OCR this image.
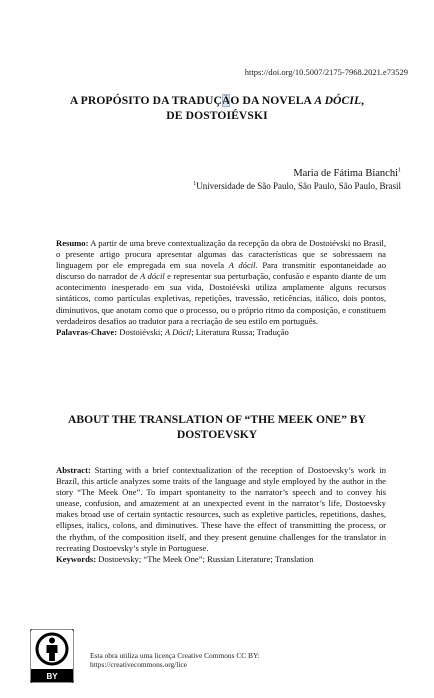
https://doi.org/10.5007/2175-7968.2021.e73529
A PROPÓSITO DA TRADUÇÃO DA NOVELA A DÓCIL,
DE DOSTOIÉVSKI
Maria de Fátima Bianchi$^1$
$^1$Universidade de São Paulo, São Paulo, São Paulo, Brasil
Resumo: A partir de uma breve contextualização da recepção da obra de Dostoiévski no Brasil, o presente artigo procura apresentar algumas das características que se sobressaem na linguagem por ele empregada em sua novela A dócil. Para transmitir espontaneidade ao discurso do narrador de A dócil e representar sua perturbação, confusão e espanto diante de um acontecimento inesperado em sua vida, Dostoiévski utiliza amplamente alguns recursos sintáticos, como partículas expletivas, repetições, travessão, reticências, itálico, dois pontos, diminutivos, que anotam como que o processo, ou o próprio ritmo da composição, e constituem verdadeiros desafios ao tradutor para a recriação de seu estilo em português.
Palavras-Chave: Dostoiévski; A Dócil; Literatura Russa; Tradução
ABOUT THE TRANSLATION OF “THE MEEK ONE” BY
DOSTOEVSKY
Abstract: Starting with a brief contextualization of the reception of Dostoevsky’s work in Brazil, this article analyzes some traits of the language and style employed by the author in the story “The Meek One”. To impart spontaneity to the narrator’s speech and to convey his unease, confusion, and amazement at an unexpected event in the narrator’s life, Dostoevsky makes broad use of certain syntactic resources, such as expletive particles, repetitions, dashes, ellipses, italics, colons, and diminutives. These have the effect of transmitting the process, or the rhythm, of the composition itself, and they present genuine challenges for the translator in recreating Dostoevsky’s style in Portuguese.
Keywords: Dostoevsky; “The Meek One”; Russian Literature; Translation
BY
Esta obra utiliza uma licença Creative Commons CC BY:
https://creativecommons.org/lice
